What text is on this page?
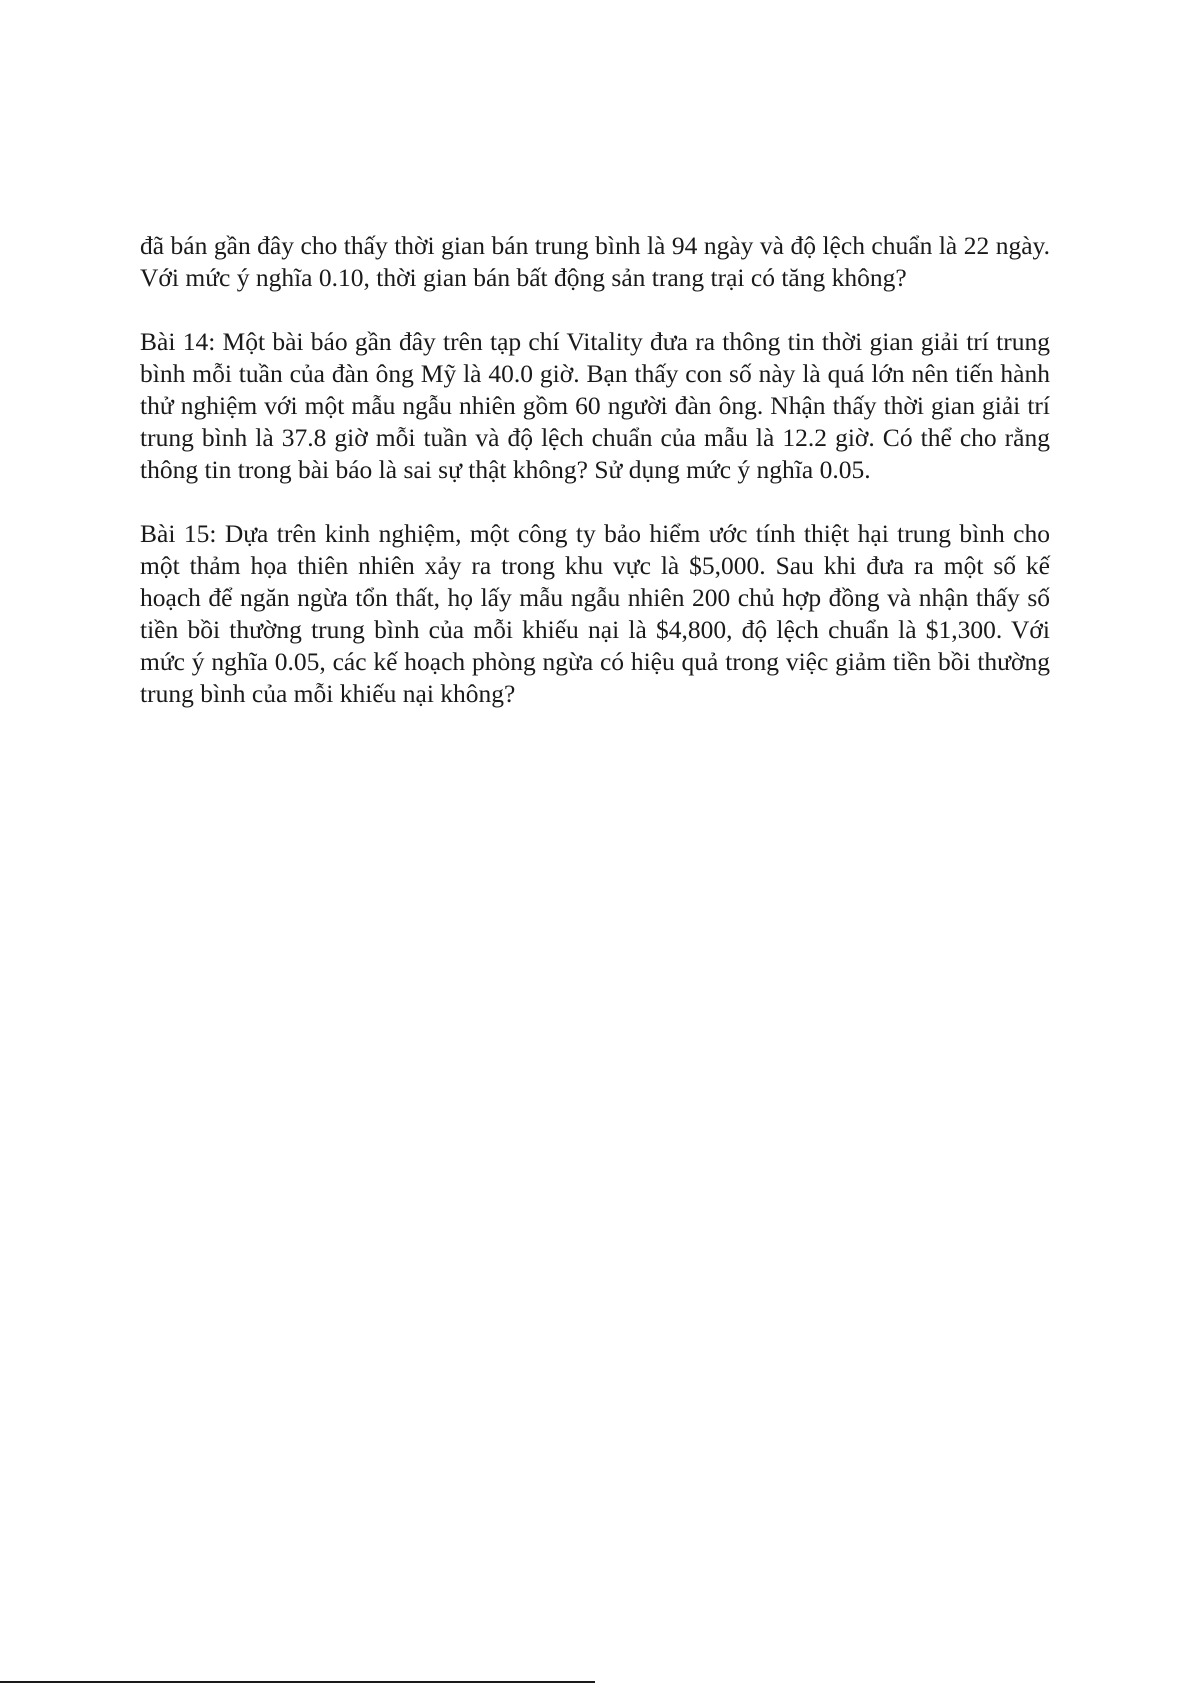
đã bán gần đây cho thấy thời gian bán trung bình là 94 ngày và độ lệch chuẩn là 22 ngày. Với mức ý nghĩa 0.10, thời gian bán bất động sản trang trại có tăng không?

Bài 14: Một bài báo gần đây trên tạp chí Vitality đưa ra thông tin thời gian giải trí trung bình mỗi tuần của đàn ông Mỹ là 40.0 giờ. Bạn thấy con số này là quá lớn nên tiến hành thử nghiệm với một mẫu ngẫu nhiên gồm 60 người đàn ông. Nhận thấy thời gian giải trí trung bình là 37.8 giờ mỗi tuần và độ lệch chuẩn của mẫu là 12.2 giờ. Có thể cho rằng thông tin trong bài báo là sai sự thật không? Sử dụng mức ý nghĩa 0.05.

Bài 15: Dựa trên kinh nghiệm, một công ty bảo hiểm ước tính thiệt hại trung bình cho một thảm họa thiên nhiên xảy ra trong khu vực là $5,000. Sau khi đưa ra một số kế hoạch để ngăn ngừa tổn thất, họ lấy mẫu ngẫu nhiên 200 chủ hợp đồng và nhận thấy số tiền bồi thường trung bình của mỗi khiếu nại là $4,800, độ lệch chuẩn là $1,300. Với mức ý nghĩa 0.05, các kế hoạch phòng ngừa có hiệu quả trong việc giảm tiền bồi thường trung bình của mỗi khiếu nại không?
